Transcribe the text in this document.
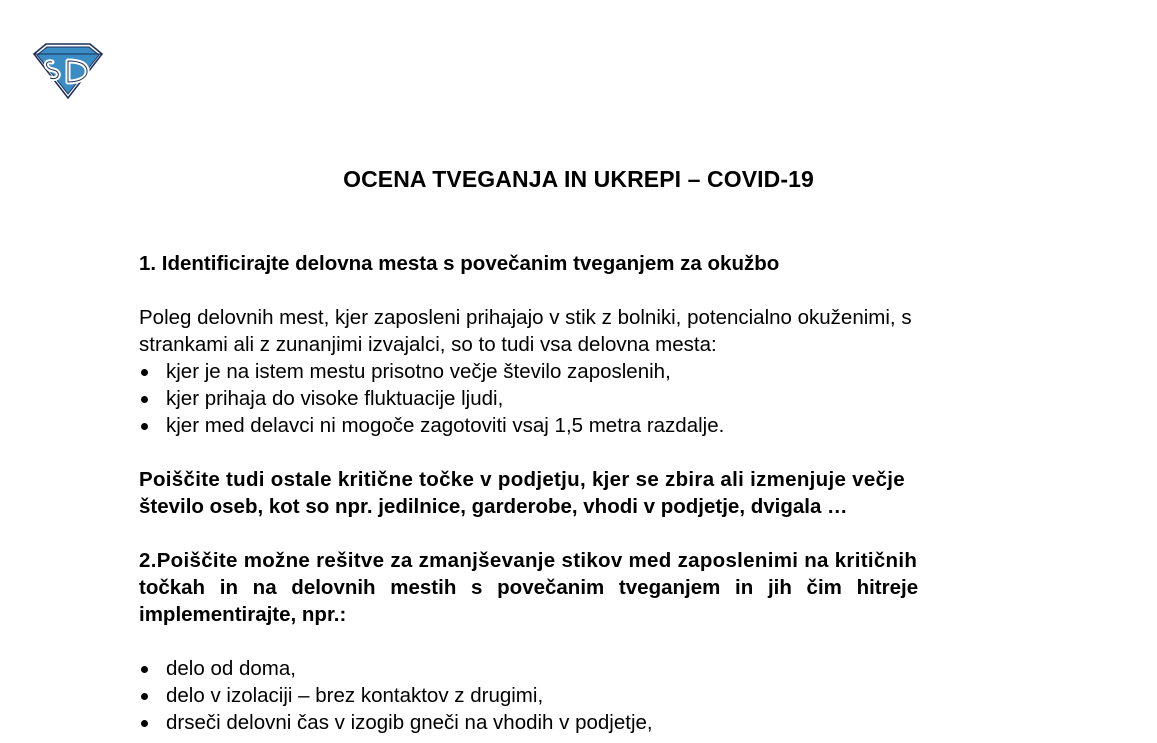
OCENA TVEGANJA IN UKREPI – COVID-19

1. Identificirajte delovna mesta s povečanim tveganjem za okužbo

Poleg delovnih mest, kjer zaposleni prihajajo v stik z bolniki, potencialno okuženimi, s

strankami ali z zunanjimi izvajalci, so to tudi vsa delovna mesta:

kjer je na istem mestu prisotno večje število zaposlenih,
kjer prihaja do visoke fluktuacije ljudi,
kjer med delavci ni mogoče zagotoviti vsaj 1,5 metra razdalje.

Poiščite tudi ostale kritične točke v podjetju, kjer se zbira ali izmenjuje večje

število oseb, kot so npr. jedilnice, garderobe, vhodi v podjetje, dvigala …

2.Poiščite možne rešitve za zmanjševanje stikov med zaposlenimi na kritičnih

točkah in na delovnih mestih s povečanim tveganjem in jih čim hitreje

implementirajte, npr.:

delo od doma,
delo v izolaciji – brez kontaktov z drugimi,
drseči delovni čas v izogib gneči na vhodih v podjetje,
